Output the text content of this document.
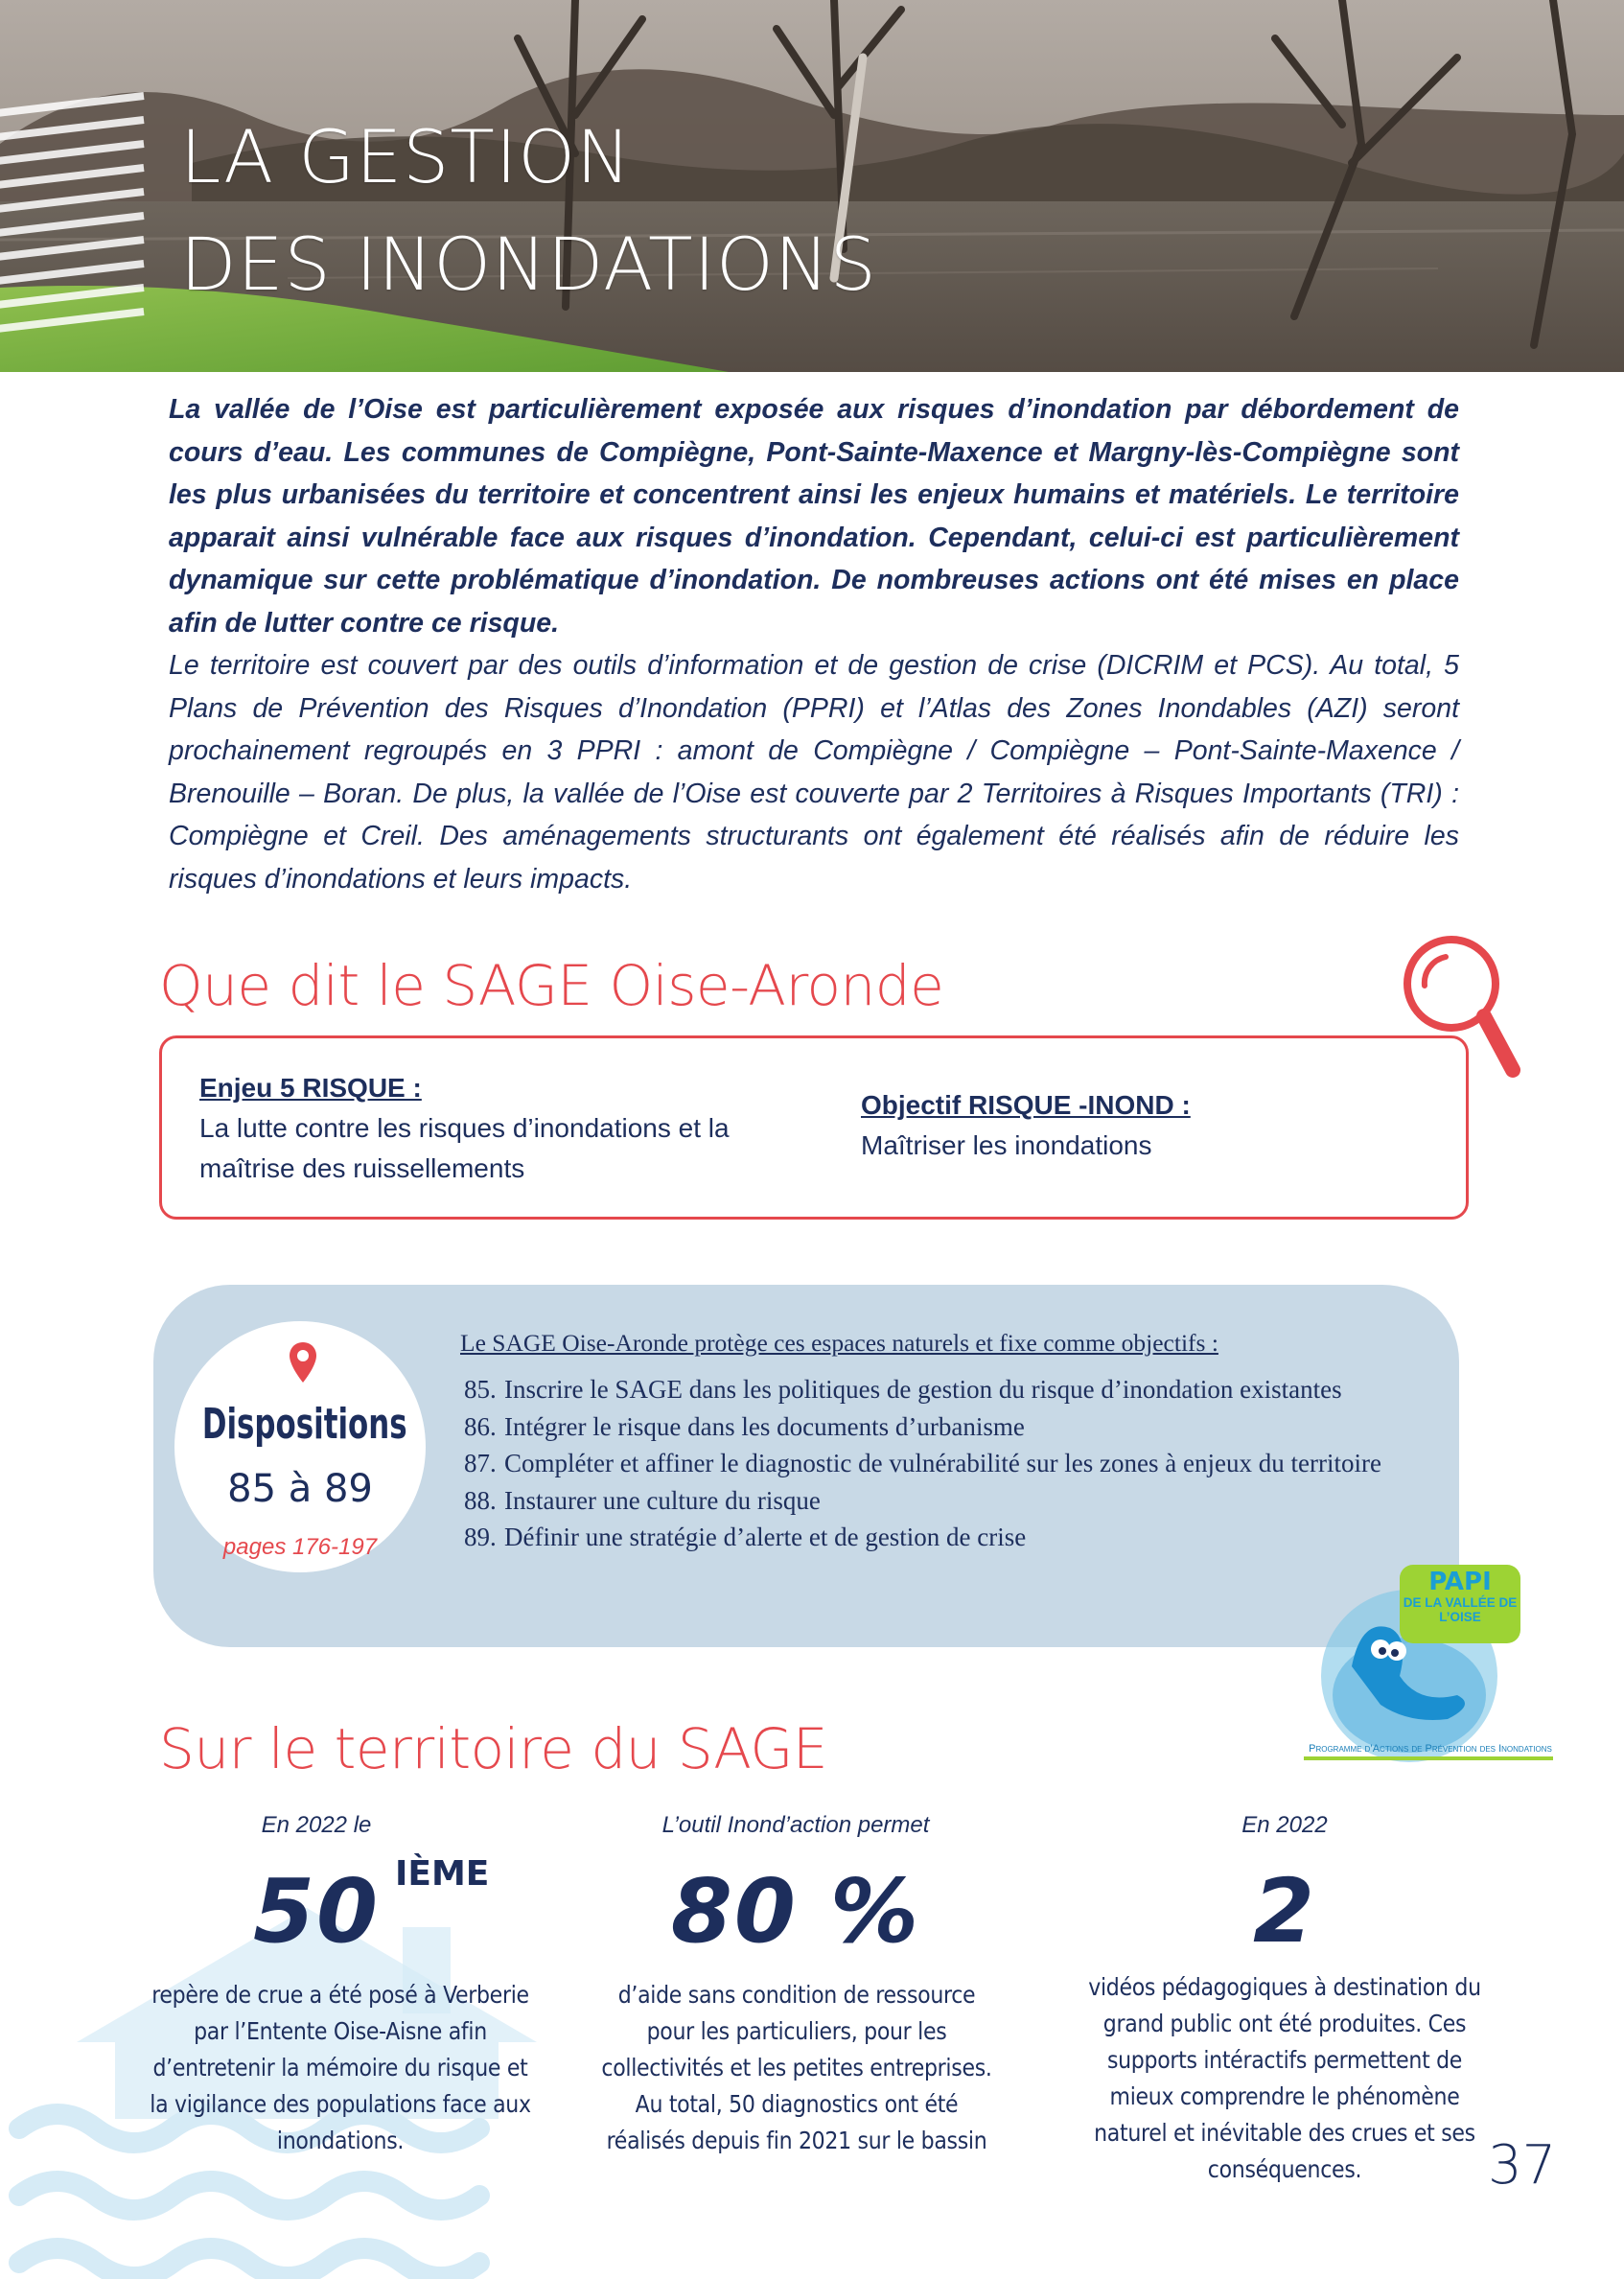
LA GESTION
DES INONDATIONS

La vallée de l’Oise est particulièrement exposée aux risques d’inondation par débordement de cours d’eau. Les communes de Compiègne, Pont-Sainte-Maxence et Margny-lès-Compiègne sont les plus urbanisées du territoire et concentrent ainsi les enjeux humains et matériels. Le territoire apparait ainsi vulnérable face aux risques d’inondation. Cependant, celui-ci est particulièrement dynamique sur cette problématique d’inondation. De nombreuses actions ont été mises en place afin de lutter contre ce risque.

Le territoire est couvert par des outils d’information et de gestion de crise (DICRIM et PCS). Au total, 5 Plans de Prévention des Risques d’Inondation (PPRI) et l’Atlas des Zones Inondables (AZI) seront prochainement regroupés en 3 PPRI : amont de Compiègne / Compiègne – Pont-Sainte-Maxence / Brenouille – Boran. De plus, la vallée de l’Oise est couverte par 2 Territoires à Risques Importants (TRI) : Compiègne et Creil. Des aménagements structurants ont également été réalisés afin de réduire les risques d’inondations et leurs impacts.

Que dit le SAGE Oise-Aronde
Enjeu 5 RISQUE :
La lutte contre les risques d’inondations et la maîtrise des ruissellements
Objectif RISQUE -INOND :
Maîtriser les inondations
Dispositions
85 à 89
pages 176-197
Le SAGE Oise-Aronde protège ces espaces naturels et fixe comme objectifs :
85. Inscrire le SAGE dans les politiques de gestion du risque d’inondation existantes
86. Intégrer le risque dans les documents d’urbanisme
87. Compléter et affiner le diagnostic de vulnérabilité sur les zones à enjeux du territoire
88. Instaurer une culture du risque
89. Définir une stratégie d’alerte et de gestion de crise
PAPI
DE LA VALLÉE DE L’OISE
Programme d’Actions de Prévention des Inondations
Sur le territoire du SAGE
En 2022 le
50 IÈME
repère de crue a été posé à Verberie par l’Entente Oise-Aisne afin d’entretenir la mémoire du risque et la vigilance des populations face aux inondations.
L’outil Inond’action permet
80 %
d’aide sans condition de ressource pour les particuliers, pour les collectivités et les petites entreprises. Au total, 50 diagnostics ont été réalisés depuis fin 2021 sur le bassin
En 2022
2
vidéos pédagogiques à destination du grand public ont été produites. Ces supports intéractifs permettent de mieux comprendre le phénomène naturel et inévitable des crues et ses conséquences.	37
